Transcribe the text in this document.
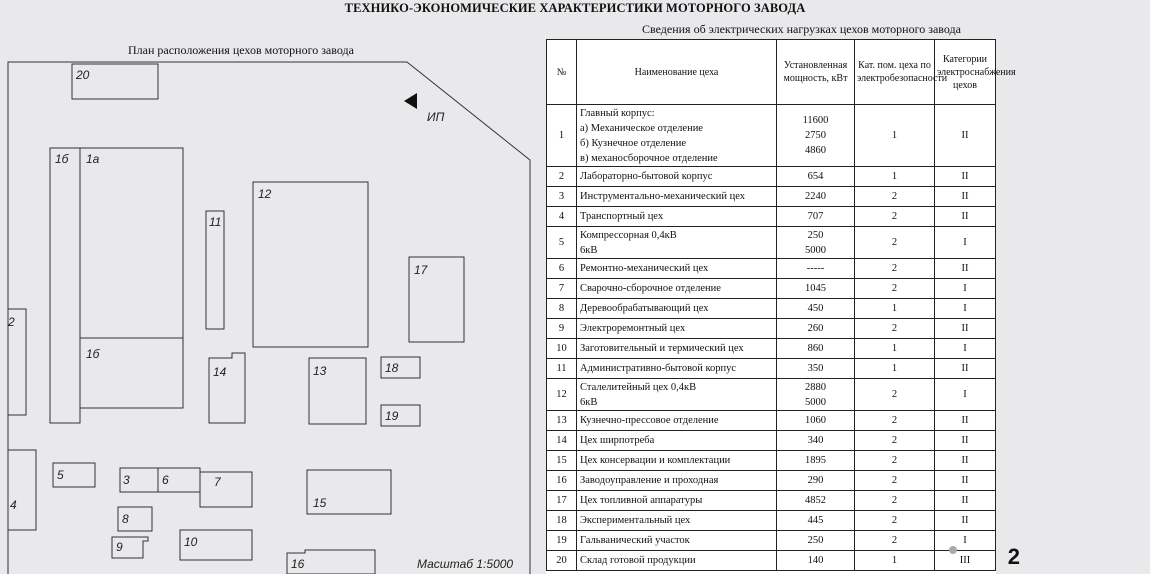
ТЕХНИКО-ЭКОНОМИЧЕСКИЕ ХАРАКТЕРИСТИКИ МОТОРНОГО ЗАВОДА
Сведения об электрических нагрузках цехов моторного завода
План расположения цехов моторного завода
20
1б 1а
12
11
17
2
1б
14	13	18
19
5	3	6	7
4
8
15
9	10
16
ИП
Масштаб 1:5000
№	Наименование цеха	Установленная мощность, кВт	Кат. пом. цеха по электробезопасности	Категории электроснабжения цехов
1	Главный корпус:
а) Механическое отделение
б) Кузнечное отделение
в) механосборочное отделение	11600
2750
4860	1	II
2	Лабораторно-бытовой корпус	654	1	II
3	Инструментально-механический цех	2240	2	II
4	Транспортный цех	707	2	II
5	Компрессорная 0,4кВ
6кВ	250
5000	2	I
6	Ремонтно-механический цех	-----	2	II
7	Сварочно-сборочное отделение	1045	2	I
8	Деревообрабатывающий цех	450	1	I
9	Электроремонтный цех	260	2	II
10	Заготовительный и термический цех	860	1	I
11	Административно-бытовой корпус	350	1	II
12	Сталелитейный цех 0,4кВ
6кВ	2880
5000	2	I
13	Кузнечно-прессовое отделение	1060	2	II
14	Цех ширпотреба	340	2	II
15	Цех консервации и комплектации	1895	2	II
16	Заводоуправление и проходная	290	2	II
17	Цех топливной аппаратуры	4852	2	II
18	Экспериментальный цех	445	2	II
19	Гальванический участок	250	2	I
20	Склад готовой продукции	140	1	III 2
